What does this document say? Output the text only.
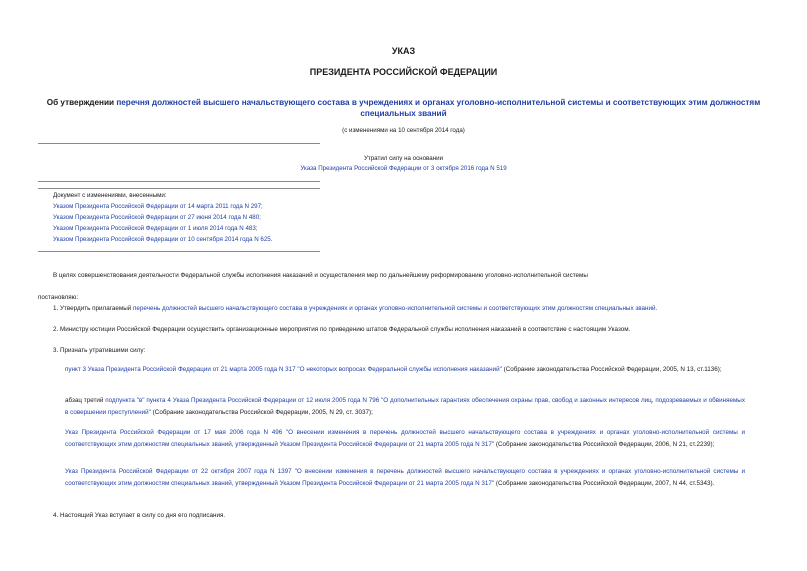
УКАЗ
ПРЕЗИДЕНТА РОССИЙСКОЙ ФЕДЕРАЦИИ
Об утверждении перечня должностей высшего начальствующего состава в учреждениях и органах уголовно-исполнительной системы и соответствующих этим должностям специальных званий
(с изменениями на 10 сентября 2014 года)
Утратил силу на основании
Указа Президента Российской Федерации от 3 октября 2016 года N 519
Документ с изменениями, внесенными:
Указом Президента Российской Федерации от 14 марта 2011 года N 297;
Указом Президента Российской Федерации от 27 июня 2014 года N 480;
Указом Президента Российской Федерации от 1 июля 2014 года N 483;
Указом Президента Российской Федерации от 10 сентября 2014 года N 625.
В целях совершенствования деятельности Федеральной службы исполнения наказаний и осуществления мер по дальнейшему реформированию уголовно-исполнительной системы
постановляю:
1. Утвердить прилагаемый перечень должностей высшего начальствующего состава в учреждениях и органах уголовно-исполнительной системы и соответствующих этим должностям специальных званий.
2. Министру юстиции Российской Федерации осуществить организационные мероприятия по приведению штатов Федеральной службы исполнения наказаний в соответствие с настоящим Указом.
3. Признать утратившими силу:
пункт 3 Указа Президента Российской Федерации от 21 марта 2005 года N 317 "О некоторых вопросах Федеральной службы исполнения наказаний" (Собрание законодательства Российской Федерации, 2005, N 13, ст.1136);
абзац третий подпункта "в" пункта 4 Указа Президента Российской Федерации от 12 июля 2005 года N 796 "О дополнительных гарантиях обеспечения охраны прав, свобод и законных интересов лиц, подозреваемых и обвиняемых в совершении преступлений" (Собрание законодательства Российской Федерации, 2005, N 29, ст. 3037);
Указ Президента Российской Федерации от 17 мая 2006 года N 496 "О внесении изменения в перечень должностей высшего начальствующего состава в учреждениях и органах уголовно-исполнительной системы и соответствующих этим должностям специальных званий, утвержденный Указом Президента Российской Федерации от 21 марта 2005 года N 317" (Собрание законодательства Российской Федерации, 2006, N 21, ст.2239);
Указ Президента Российской Федерации от 22 октября 2007 года N 1397 "О внесении изменения в перечень должностей высшего начальствующего состава в учреждениях и органах уголовно-исполнительной системы и соответствующих этим должностям специальных званий, утвержденный Указом Президента Российской Федерации от 21 марта 2005 года N 317" (Собрание законодательства Российской Федерации, 2007, N 44, ст.5343).
4. Настоящий Указ вступает в силу со дня его подписания.
